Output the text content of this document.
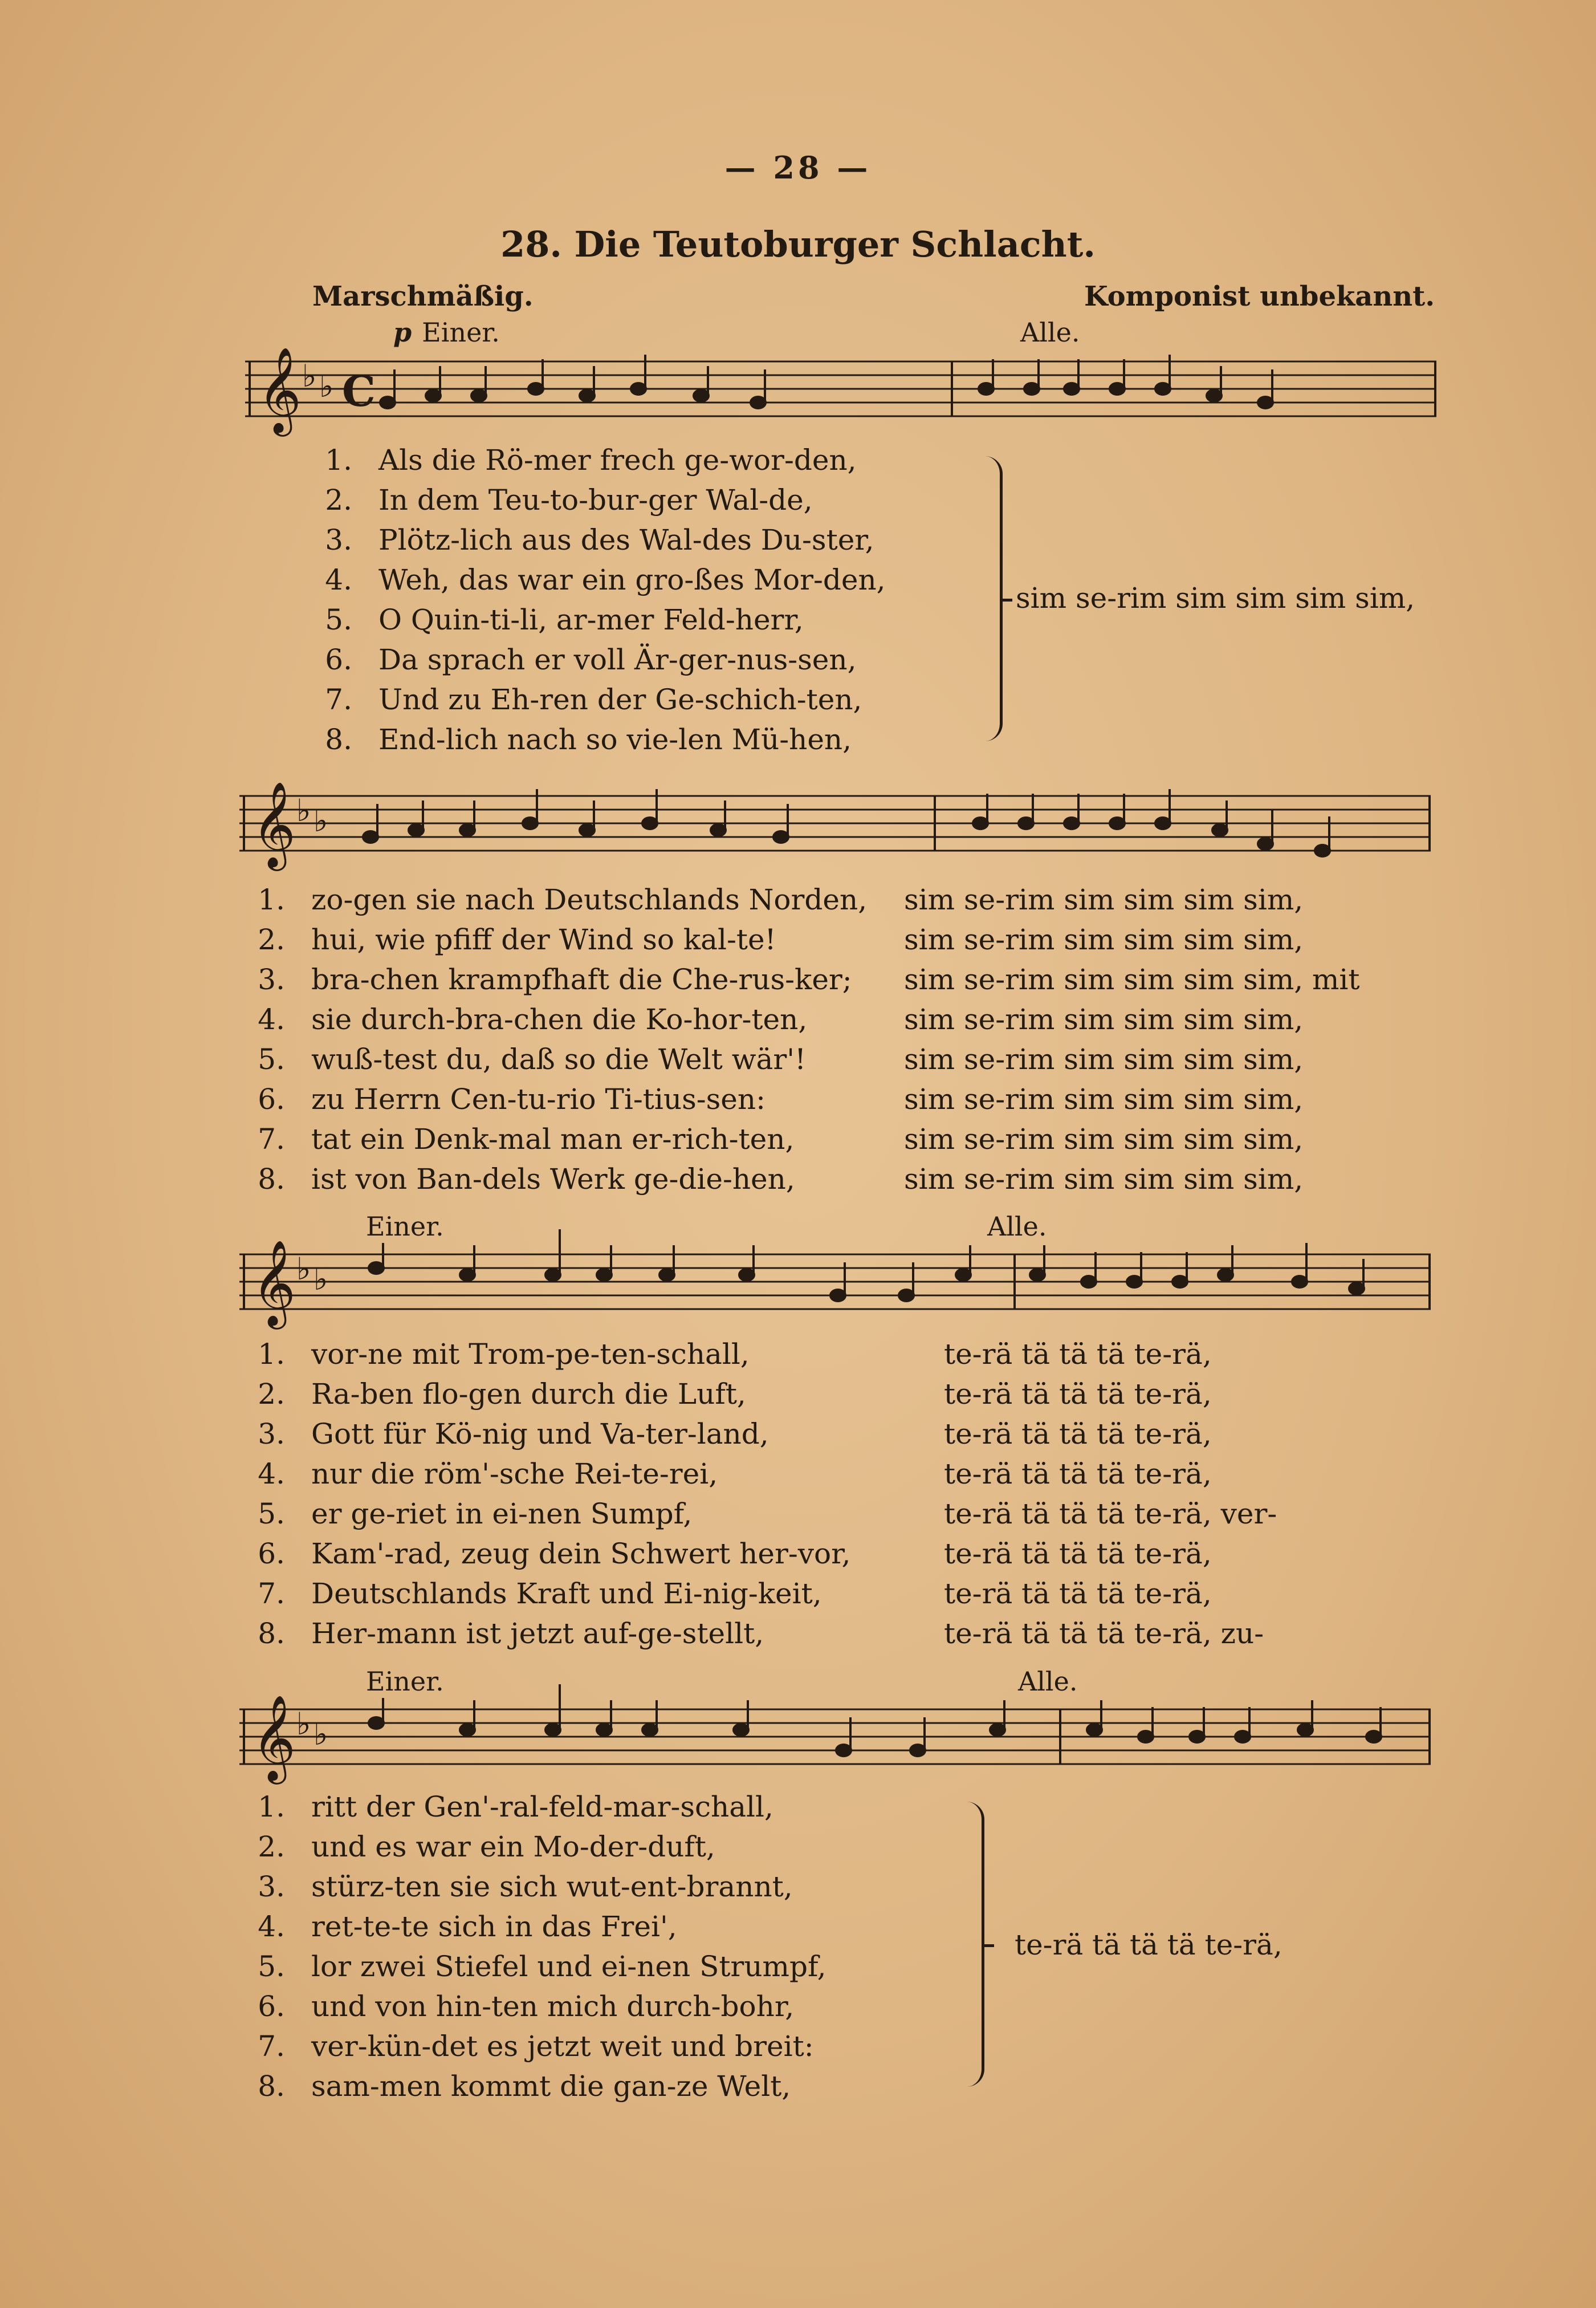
— 28 —
28. Die Teutoburger Schlacht.
Marschmäßig.	Komponist unbekannt.
p Einer.	Alle.
𝄞 ♭ ♭ C
1. Als die Rö-mer frech ge-wor-den,
2. In dem Teu-to-bur-ger Wal-de,
3. Plötz-lich aus des Wal-des Du-ster,
4. Weh, das war ein gro-ßes Mor-den,
5. O Quin-ti-li, ar-mer Feld-herr,
6. Da sprach er voll Är-ger-nus-sen,
7. Und zu Eh-ren der Ge-schich-ten,
8. End-lich nach so vie-len Mü-hen,
sim se-rim sim sim sim sim,
𝄞 ♭ ♭
1. zo-gen sie nach Deutschlands Norden,	sim se-rim sim sim sim sim,
2. hui, wie pfiff der Wind so kal-te!	sim se-rim sim sim sim sim,
3. bra-chen krampfhaft die Che-rus-ker;	sim se-rim sim sim sim sim, mit
4. sie durch-bra-chen die Ko-hor-ten,	sim se-rim sim sim sim sim,
5. wuß-test du, daß so die Welt wär'!	sim se-rim sim sim sim sim,
6. zu Herrn Cen-tu-rio Ti-tius-sen:	sim se-rim sim sim sim sim,
7. tat ein Denk-mal man er-rich-ten,	sim se-rim sim sim sim sim,
8. ist von Ban-dels Werk ge-die-hen,	sim se-rim sim sim sim sim,
Einer.	Alle.
𝄞 ♭ ♭
1. vor-ne mit Trom-pe-ten-schall,	te-rä tä tä tä te-rä,
2. Ra-ben flo-gen durch die Luft,	te-rä tä tä tä te-rä,
3. Gott für Kö-nig und Va-ter-land,	te-rä tä tä tä te-rä,
4. nur die röm'-sche Rei-te-rei,	te-rä tä tä tä te-rä,
5. er ge-riet in ei-nen Sumpf,	te-rä tä tä tä te-rä, ver-
6. Kam'-rad, zeug dein Schwert her-vor,	te-rä tä tä tä te-rä,
7. Deutschlands Kraft und Ei-nig-keit,	te-rä tä tä tä te-rä,
8. Her-mann ist jetzt auf-ge-stellt,	te-rä tä tä tä te-rä, zu-
Einer.	Alle.
𝄞 ♭ ♭
1. ritt der Gen'-ral-feld-mar-schall,
2. und es war ein Mo-der-duft,
3. stürz-ten sie sich wut-ent-brannt,
4. ret-te-te sich in das Frei',
5. lor zwei Stiefel und ei-nen Strumpf,
6. und von hin-ten mich durch-bohr,
7. ver-kün-det es jetzt weit und breit:
8. sam-men kommt die gan-ze Welt,
te-rä tä tä tä te-rä,
